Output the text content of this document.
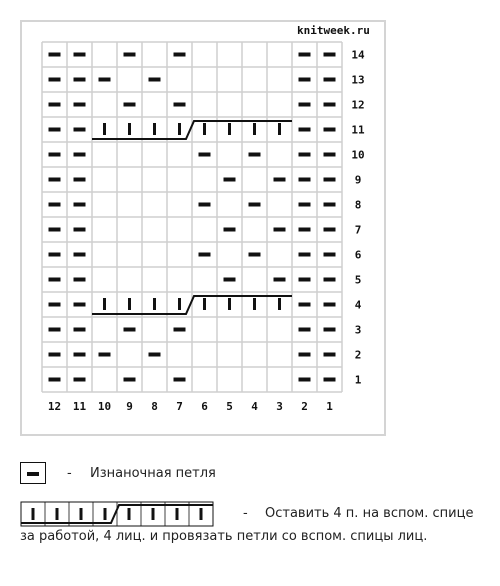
knitweek.ru
1
2
3
4
5
6
7
8
9
10
11
12
13
14
12 11 10 9 8 7 6 5 4 3 2 1
- Изнаночная петля
- Оставить 4 п. на вспом. спице
за работой, 4 лиц. и провязать петли со вспом. спицы лиц.
